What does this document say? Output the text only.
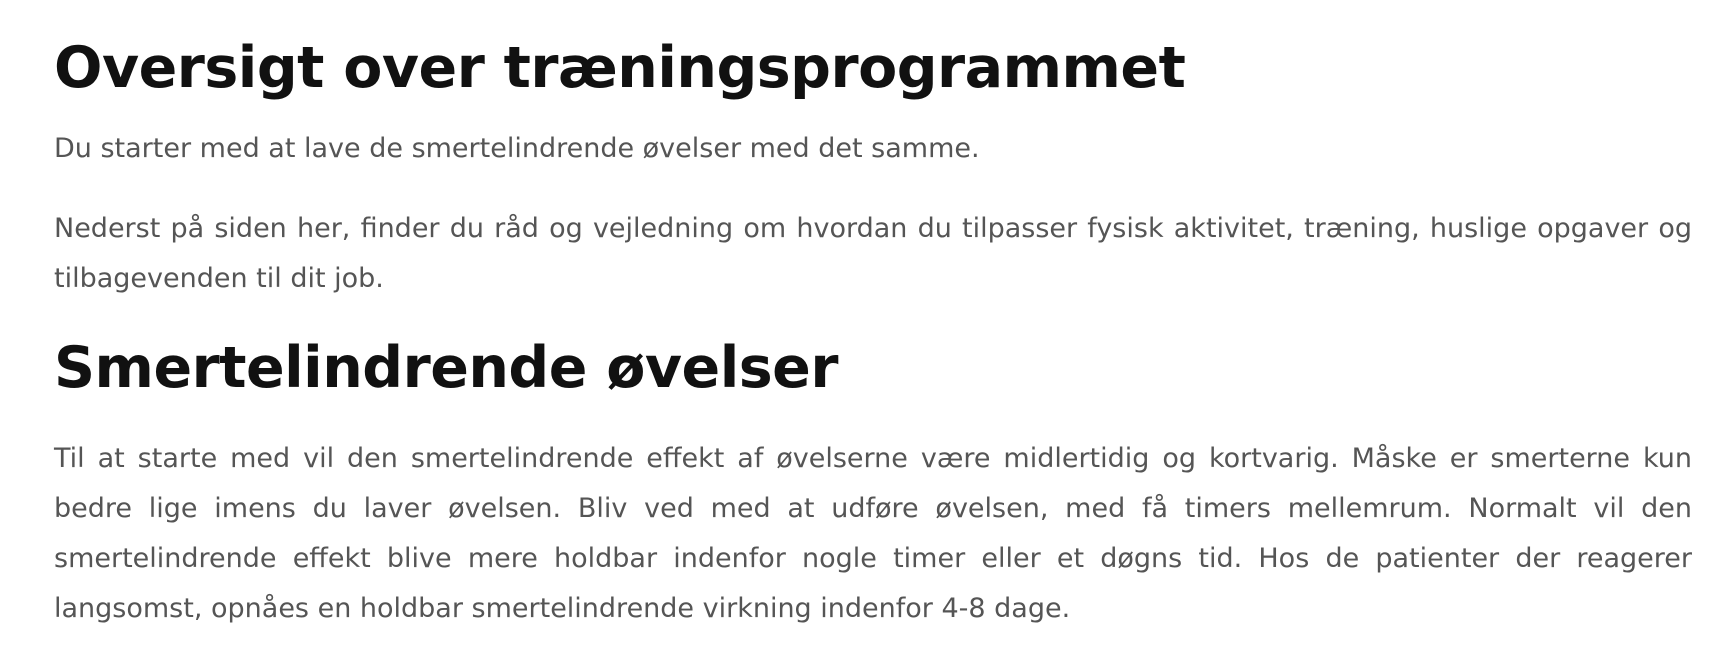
Oversigt over træningsprogrammet

Du starter med at lave de smertelindrende øvelser med det samme.

Nederst på siden her, finder du råd og vejledning om hvordan du tilpasser fysisk aktivitet, træning, huslige opgaver og tilbagevenden til dit job.

Smertelindrende øvelser

Til at starte med vil den smertelindrende effekt af øvelserne være midlertidig og kortvarig. Måske er smerterne kun bedre lige imens du laver øvelsen. Bliv ved med at udføre øvelsen, med få timers mellemrum. Normalt vil den smertelindrende effekt blive mere holdbar indenfor nogle timer eller et døgns tid. Hos de patienter der reagerer langsomst, opnåes en holdbar smertelindrende virkning indenfor 4-8 dage.
